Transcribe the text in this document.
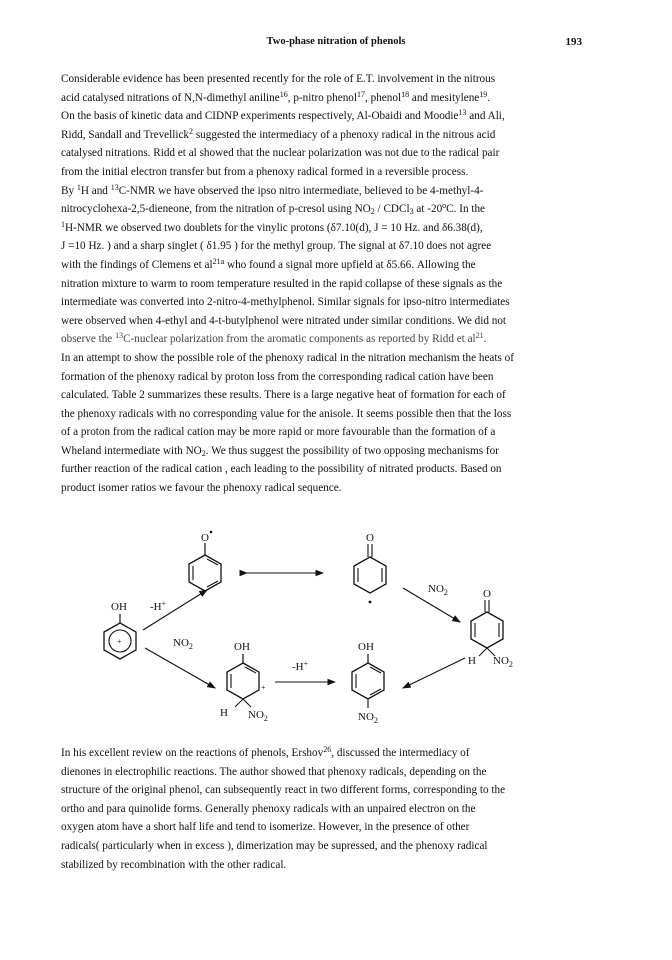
Two-phase nitration of phenols	193
Considerable evidence has been presented recently for the role of E.T. involvement in the nitrous
acid catalysed nitrations of N,N-dimethyl aniline$^{16}$, p-nitro phenol$^{17}$, phenol$^{18}$ and mesitylene$^{19}$.
On the basis of kinetic data and CIDNP experiments respectively, Al-Obaidi and Moodie$^{13}$ and Ali,
Ridd, Sandall and Trevellick$^2$ suggested the intermediacy of a phenoxy radical in the nitrous acid
catalysed nitrations. Ridd et al showed that the nuclear polarization was not due to the radical pair
from the initial electron transfer but from a phenoxy radical formed in a reversible process.
By $^1$H and $^{13}$C-NMR we have observed the ipso nitro intermediate, believed to be 4-methyl-4-
nitrocyclohexa-2,5-dieneone, from the nitration of p-cresol using $NO_2$ / CDCl$_3$ at -20$^o$C. In the
$^1$H-NMR we observed two doublets for the vinylic protons (δ7.10(d), J = 10 Hz. and δ6.38(d),
J =10 Hz. ) and a sharp singlet ( δ1.95 ) for the methyl group. The signal at δ7.10 does not agree
with the findings of Clemens et $al^{21a}$ who found a signal more upfield at δ5.66. Allowing the
nitration mixture to warm to room temperature resulted in the rapid collapse of these signals as the
intermediate was converted into 2-nitro-4-methylphenol. Similar signals for ipso-nitro intermediates
were observed when 4-ethyl and 4-t-butylphenol were nitrated under similar conditions. We did not
observe the $^{13}$C-nuclear polarization from the aromatic components as reported by Ridd et $al^{21}$.
In an attempt to show the possible role of the phenoxy radical in the nitration mechanism the heats of
formation of the phenoxy radical by proton loss from the corresponding radical cation have been
calculated. Table 2 summarizes these results. There is a large negative heat of formation for each of
the phenoxy radicals with no corresponding value for the anisole. It seems possible then that the loss
of a proton from the radical cation may be more rapid or more favourable than the formation of a
Wheland intermediate with $NO_2$. We thus suggest the possibility of two opposing mechanisms for
further reaction of the radical cation , each leading to the possibility of nitrated products. Based on
product isomer ratios we favour the phenoxy radical sequence.
O	O
$NO_2$	O
H $NO_2$
OH
+
-H+
$NO_2$	OH
+
H $NO_2$
-H+
OH
$NO_2$
In his excellent review on the reactions of phenols, Ershov$^{26}$, discussed the intermediacy of
dienones in electrophilic reactions. The author showed that phenoxy radicals, depending on the
structure of the original phenol, can subsequently react in two different forms, corresponding to the
ortho and para quinolide forms. Generally phenoxy radicals with an unpaired electron on the
oxygen atom have a short half life and tend to isomerize. However, in the presence of other
radicals( particularly when in excess ), dimerization may be supressed, and the phenoxy radical
stabilized by recombination with the other radical.
